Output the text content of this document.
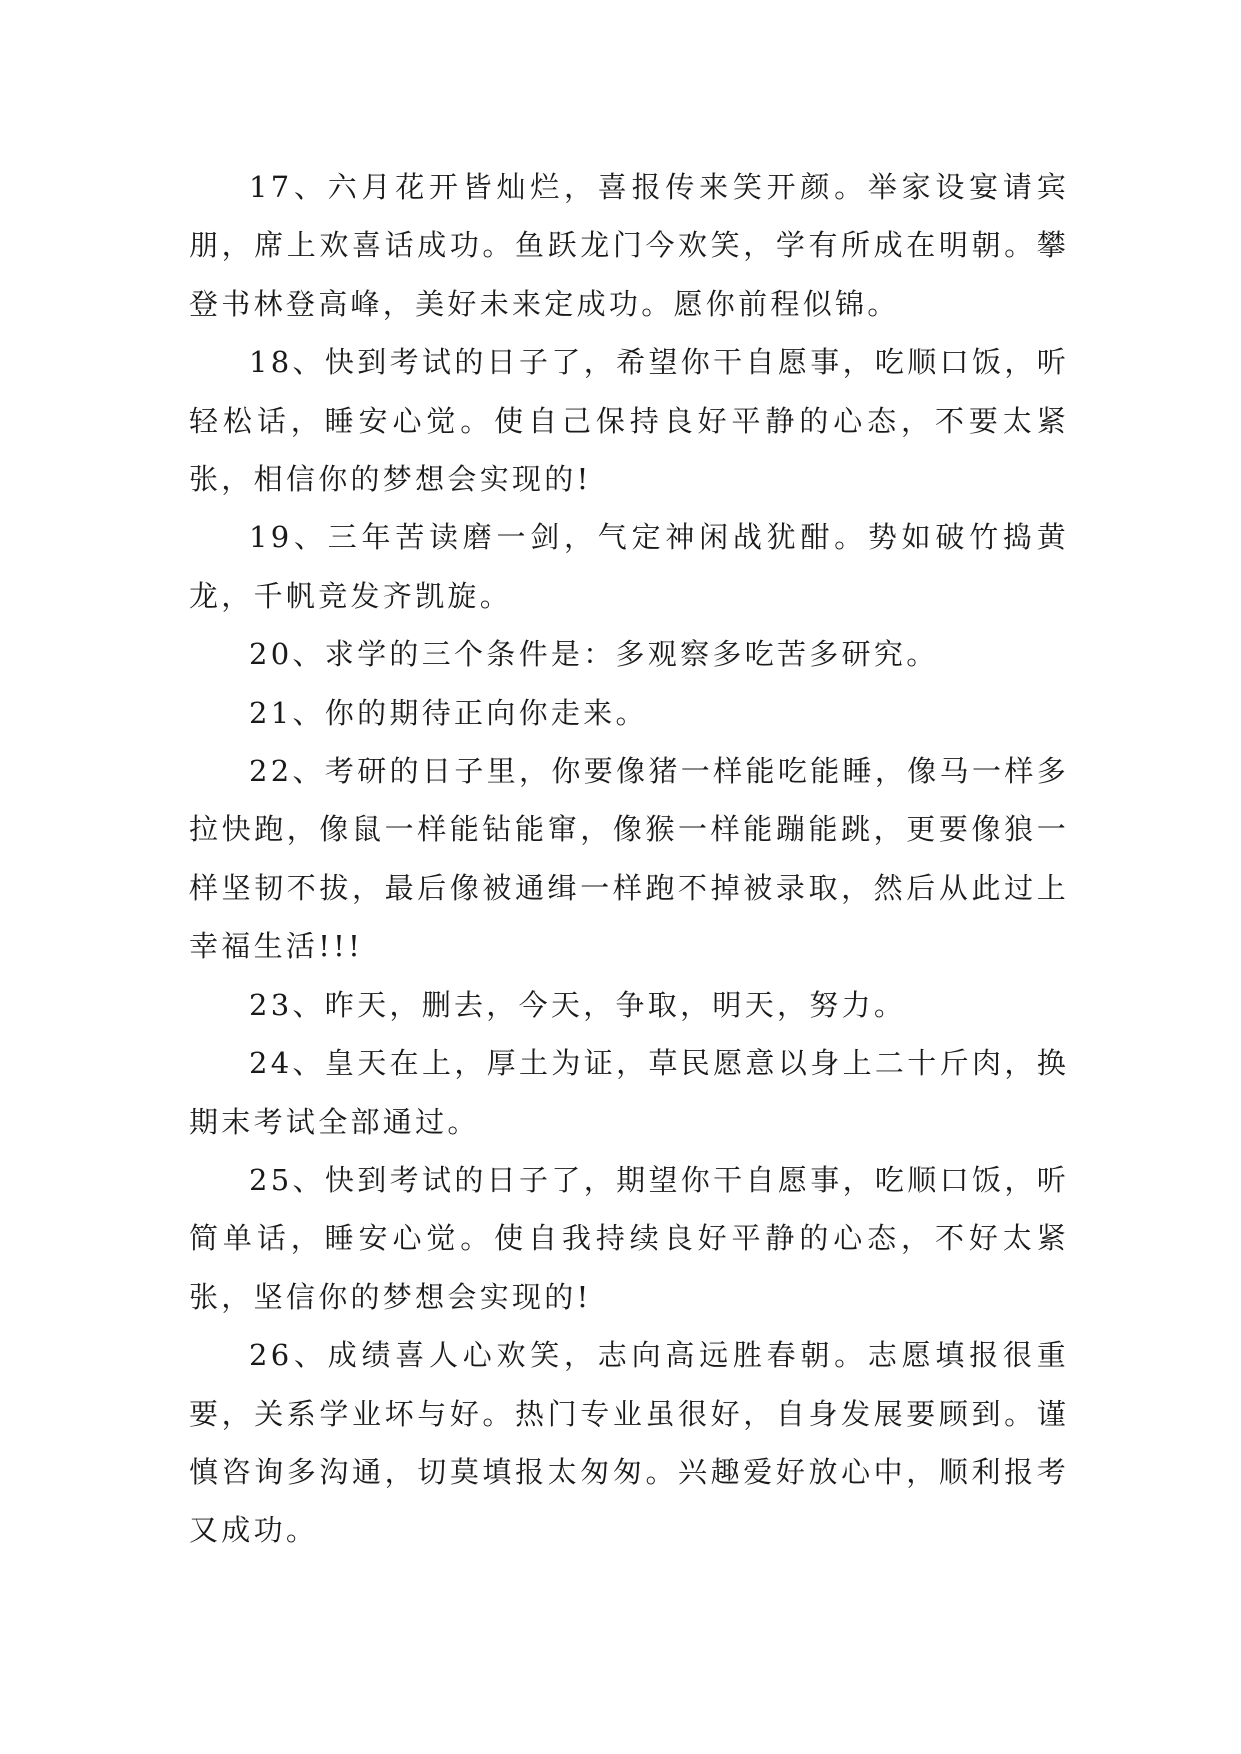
17、六月花开皆灿烂，喜报传来笑开颜。举家设宴请宾朋，席上欢喜话成功。鱼跃龙门今欢笑，学有所成在明朝。攀登书林登高峰，美好未来定成功。愿你前程似锦。

18、快到考试的日子了，希望你干自愿事，吃顺口饭，听轻松话，睡安心觉。使自己保持良好平静的心态，不要太紧张，相信你的梦想会实现的!

19、三年苦读磨一剑，气定神闲战犹酣。势如破竹捣黄龙，千帆竞发齐凯旋。

20、求学的三个条件是：多观察多吃苦多研究。

21、你的期待正向你走来。

22、考研的日子里，你要像猪一样能吃能睡，像马一样多拉快跑，像鼠一样能钻能窜，像猴一样能蹦能跳，更要像狼一样坚韧不拔，最后像被通缉一样跑不掉被录取，然后从此过上幸福生活!!!

23、昨天，删去，今天，争取，明天，努力。

24、皇天在上，厚土为证，草民愿意以身上二十斤肉，换期末考试全部通过。

25、快到考试的日子了，期望你干自愿事，吃顺口饭，听简单话，睡安心觉。使自我持续良好平静的心态，不好太紧张，坚信你的梦想会实现的!

26、成绩喜人心欢笑，志向高远胜春朝。志愿填报很重要，关系学业坏与好。热门专业虽很好，自身发展要顾到。谨慎咨询多沟通，切莫填报太匆匆。兴趣爱好放心中，顺利报考又成功。
